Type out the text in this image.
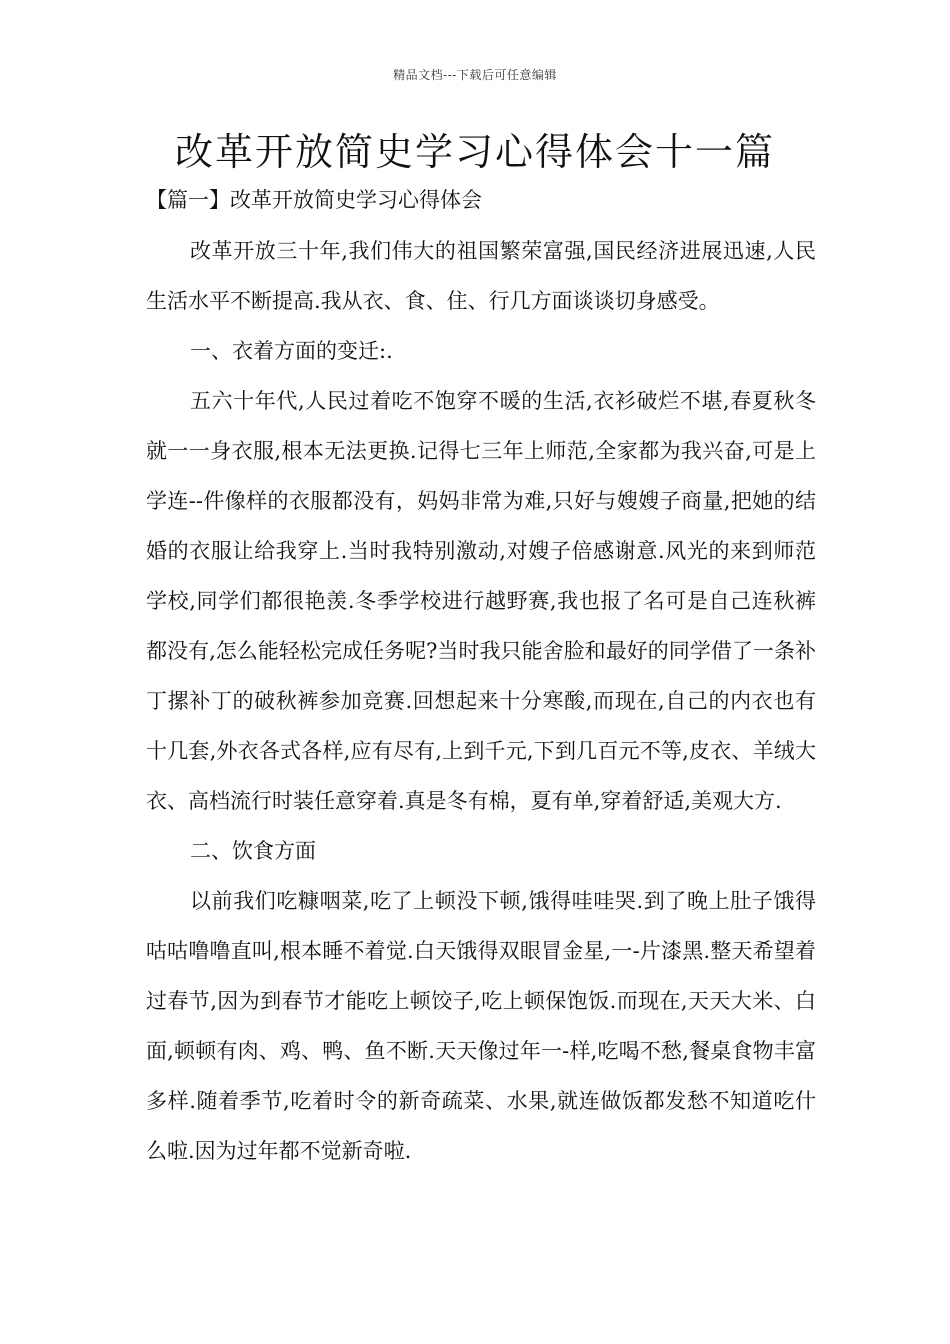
精品文档---下载后可任意编辑
改革开放简史学习心得体会十一篇
【篇一】改革开放简史学习心得体会

改革开放三十年,我们伟大的祖国繁荣富强,国民经济进展迅速,人民生活水平不断提高.我从衣、食、住、行几方面谈谈切身感受。

一、衣着方面的变迁:.

五六十年代,人民过着吃不饱穿不暖的生活,衣衫破烂不堪,春夏秋冬就一一身衣服,根本无法更换.记得七三年上师范,全家都为我兴奋,可是上学连--件像样的衣服都没有，妈妈非常为难,只好与嫂嫂子商量,把她的结婚的衣服让给我穿上.当时我特别激动,对嫂子倍感谢意.风光的来到师范学校,同学们都很艳羡.冬季学校进行越野赛,我也报了名可是自己连秋裤都没有,怎么能轻松完成任务呢?当时我只能舍脸和最好的同学借了一条补丁摞补丁的破秋裤参加竞赛.回想起来十分寒酸,而现在,自己的内衣也有十几套,外衣各式各样,应有尽有,上到千元,下到几百元不等,皮衣、羊绒大衣、高档流行时装任意穿着.真是冬有棉，夏有单,穿着舒适,美观大方.

二、饮食方面

以前我们吃糠咽菜,吃了上顿没下顿,饿得哇哇哭.到了晚上肚子饿得咕咕噜噜直叫,根本睡不着觉.白天饿得双眼冒金星,一-片漆黑.整天希望着过春节,因为到春节才能吃上顿饺子,吃上顿保饱饭.而现在,天天大米、白面,顿顿有肉、鸡、鸭、鱼不断.天天像过年一-样,吃喝不愁,餐桌食物丰富多样.随着季节,吃着时令的新奇疏菜、水果,就连做饭都发愁不知道吃什么啦.因为过年都不觉新奇啦.
